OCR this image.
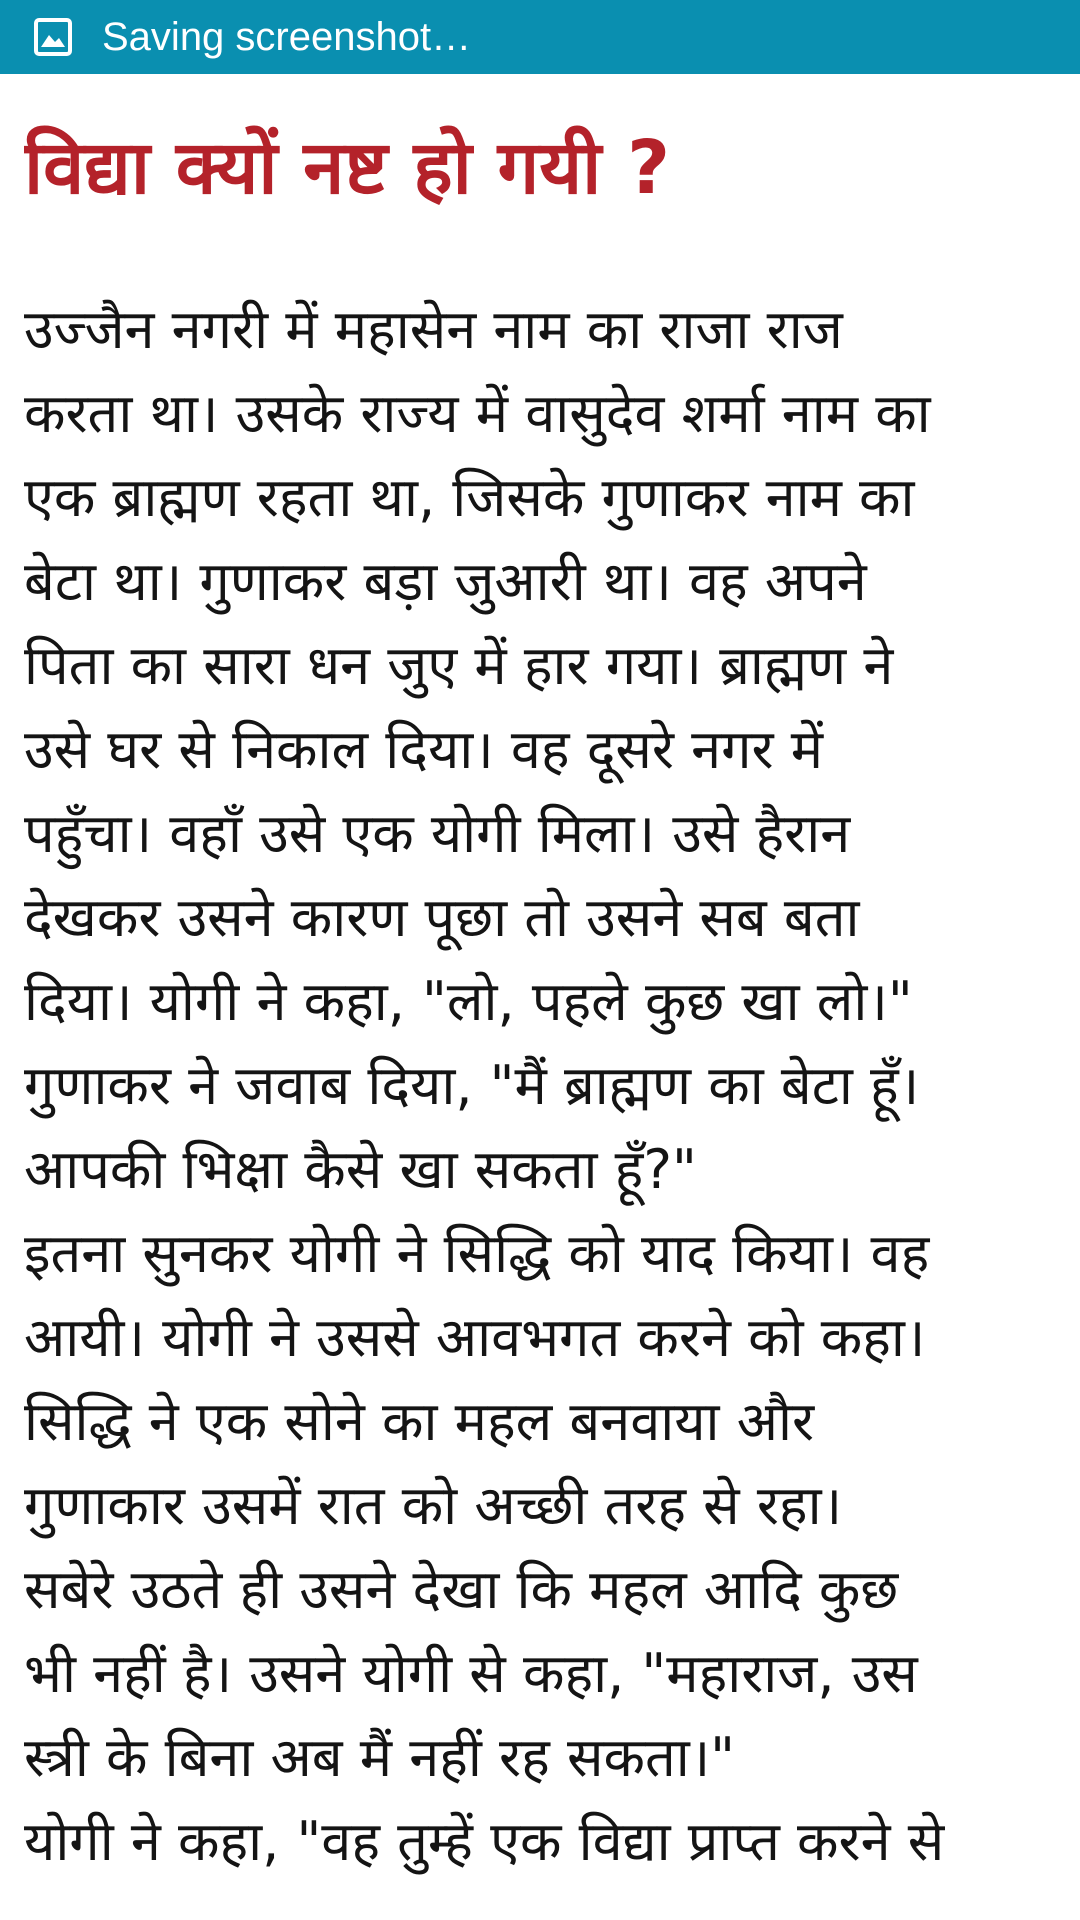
Saving screenshot…
विद्या क्यों नष्ट हो गयी ?
उज्जैन नगरी में महासेन नाम का राजा राज
करता था। उसके राज्य में वासुदेव शर्मा नाम का
एक ब्राह्मण रहता था, जिसके गुणाकर नाम का
बेटा था। गुणाकर बड़ा जुआरी था। वह अपने
पिता का सारा धन जुए में हार गया। ब्राह्मण ने
उसे घर से निकाल दिया। वह दूसरे नगर में
पहुँचा। वहाँ उसे एक योगी मिला। उसे हैरान
देखकर उसने कारण पूछा तो उसने सब बता
दिया। योगी ने कहा, "लो, पहले कुछ खा लो।"
गुणाकर ने जवाब दिया, "मैं ब्राह्मण का बेटा हूँ।
आपकी भिक्षा कैसे खा सकता हूँ?"
इतना सुनकर योगी ने सिद्धि को याद किया। वह
आयी। योगी ने उससे आवभगत करने को कहा।
सिद्धि ने एक सोने का महल बनवाया और
गुणाकार उसमें रात को अच्छी तरह से रहा।
सबेरे उठते ही उसने देखा कि महल आदि कुछ
भी नहीं है। उसने योगी से कहा, "महाराज, उस
स्त्री के बिना अब मैं नहीं रह सकता।"
योगी ने कहा, "वह तुम्हें एक विद्या प्राप्त करने से
